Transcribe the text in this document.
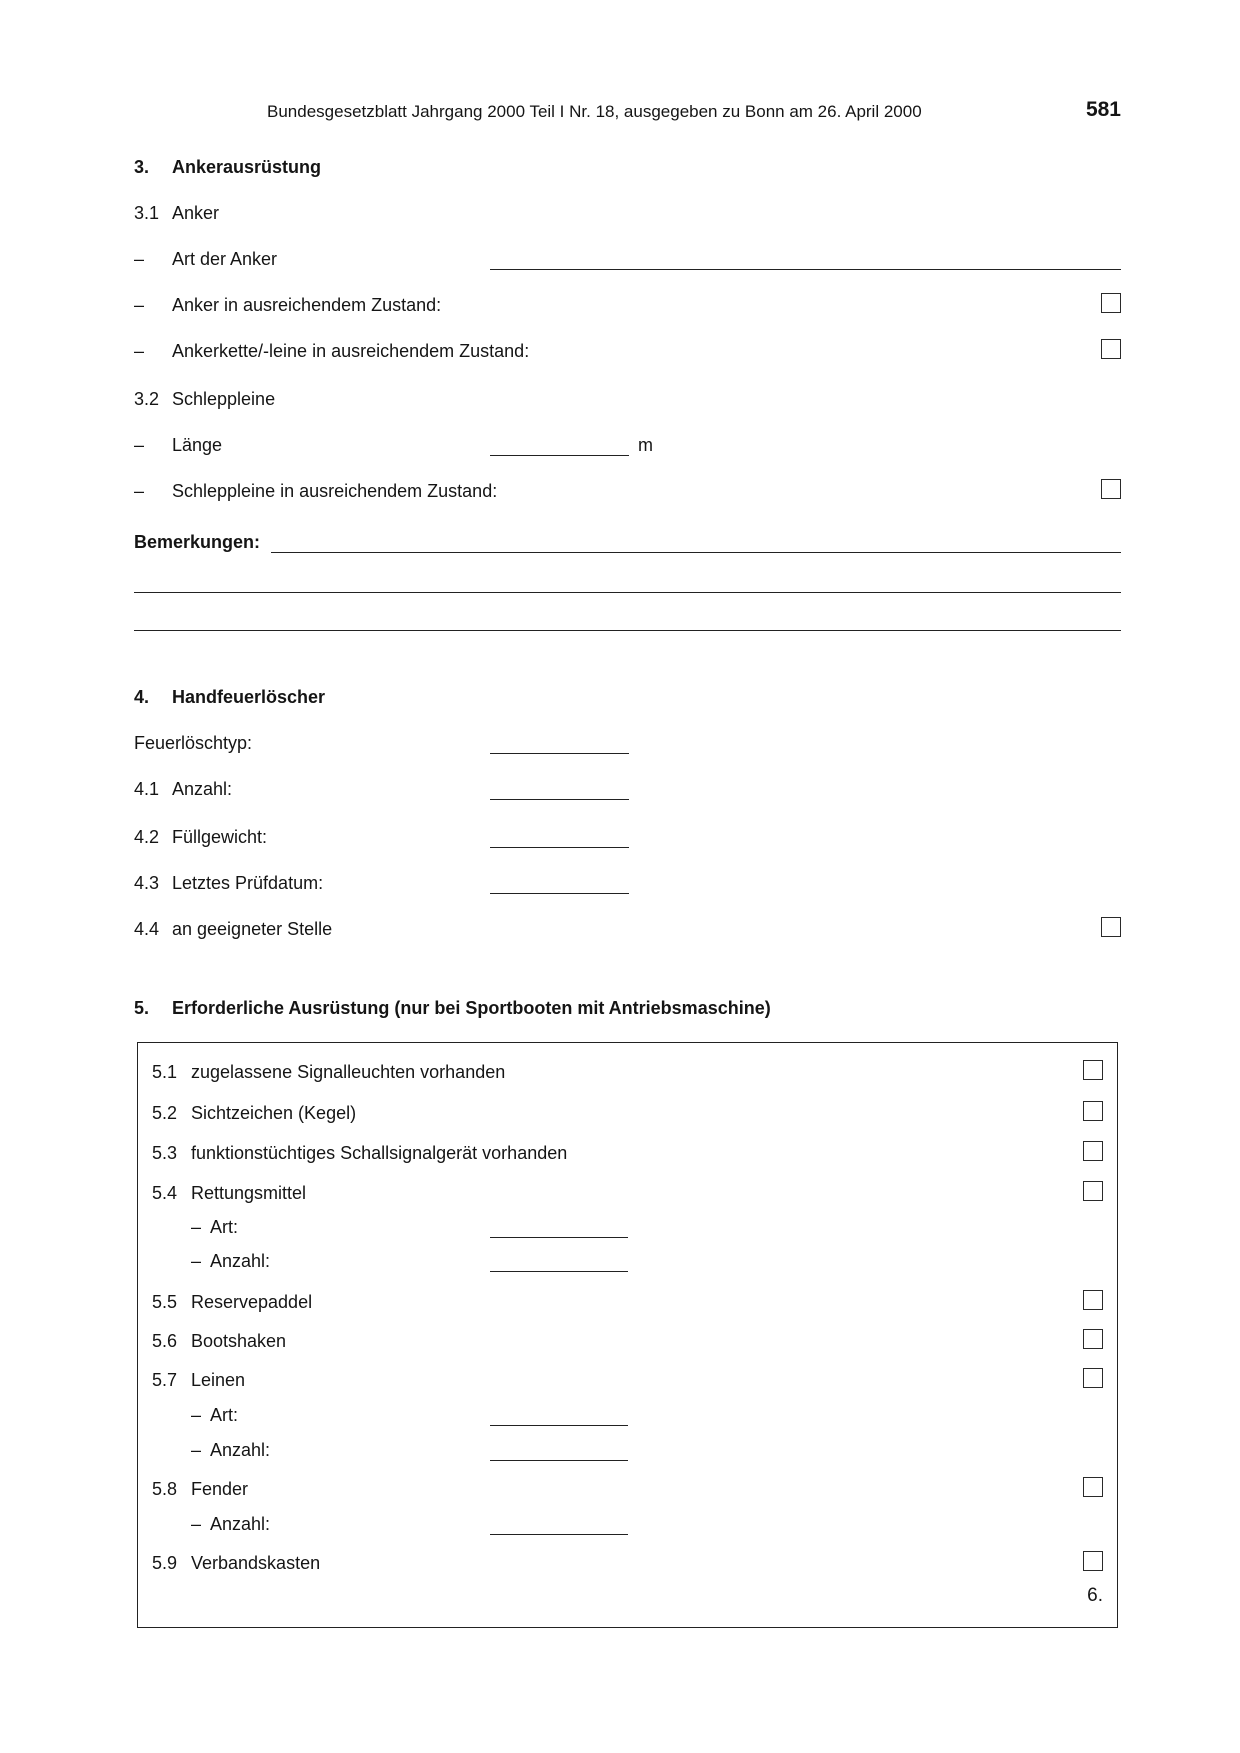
Bundesgesetzblatt Jahrgang 2000 Teil I Nr. 18, ausgegeben zu Bonn am 26. April 2000	581
3. Ankerausrüstung
3.1 Anker
– Art der Anker
– Anker in ausreichendem Zustand:
– Ankerkette/-leine in ausreichendem Zustand:
3.2 Schleppleine
– Länge	m
– Schleppleine in ausreichendem Zustand:
Bemerkungen:
4. Handfeuerlöscher
Feuerlöschtyp:
4.1 Anzahl:
4.2 Füllgewicht:
4.3 Letztes Prüfdatum:
4.4 an geeigneter Stelle
5. Erforderliche Ausrüstung (nur bei Sportbooten mit Antriebsmaschine)
5.1 zugelassene Signalleuchten vorhanden
5.2 Sichtzeichen (Kegel)
5.3 funktionstüchtiges Schallsignalgerät vorhanden
5.4 Rettungsmittel
– Art:
– Anzahl:
5.5 Reservepaddel
5.6 Bootshaken
5.7 Leinen
– Art:
– Anzahl:
5.8 Fender
– Anzahl:
5.9 Verbandskasten
6.
